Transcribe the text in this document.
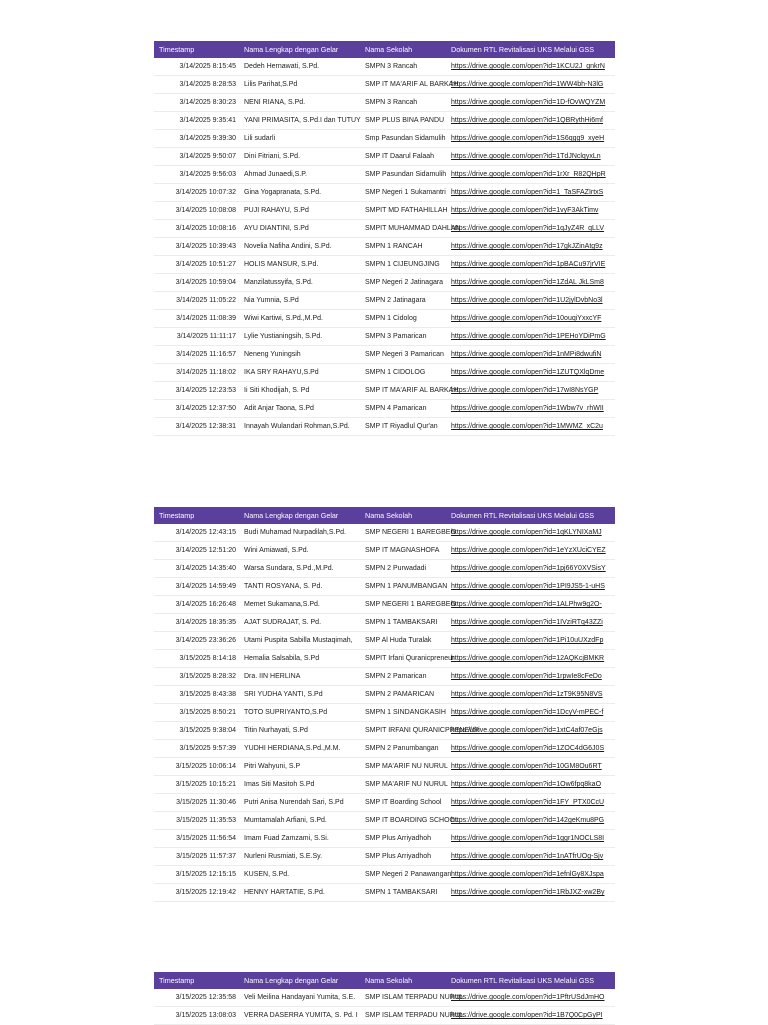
Timestamp	Nama Lengkap dengan Gelar	Nama Sekolah	Dokumen RTL Revitalisasi UKS Melalui GSS
3/14/2025 8:15:45	Dedeh Hernawati, S.Pd.	SMPN 3 Rancah	https://drive.google.com/open?id=1KCU2J_gnkrN
3/14/2025 8:28:53	Lilis Parihat,S.Pd	SMP IT MA'ARIF AL BARKAH
https://drive.google.com/open?id=1WW4bh-N3lG
3/14/2025 8:30:23	NENI RIANA, S.Pd.	SMPN 3 Rancah	https://drive.google.com/open?id=1D-fOvWQYZM
3/14/2025 9:35:41	YANI PRIMASITA, S.Pd.I dan TUTUY SMP PLUS BINA PANDU https://drive.google.com/open?id=1QBRythHi6mf
3/14/2025 9:39:30	Lili sudarli	Smp Pasundan Sidamulih https://drive.google.com/open?id=1S6qgg9_xyeH
3/14/2025 9:50:07	Dini Fitriani, S.Pd.	SMP IT Daarul Falaah	https://drive.google.com/open?id=1TdJNclqyxLn
3/14/2025 9:56:03	Ahmad Junaedi,S.P.	SMP Pasundan Sidamulih https://drive.google.com/open?id=1rXr_R82QHpR
3/14/2025 10:07:32	Gina Yogapranata, S.Pd.	SMP Negeri 1 Sukamantri https://drive.google.com/open?id=1_TaSFAZIrtxS
3/14/2025 10:08:08	PUJI RAHAYU, S.Pd	SMPIT MD FATHAHILLAH https://drive.google.com/open?id=1vyF3AkTimv
3/14/2025 10:08:16	AYU DIANTINI, S.Pd	SMPIT MUHAMMAD DAHLAN
https://drive.google.com/open?id=1qJyZ4R_qLLV
3/14/2025 10:39:43	Novelia Nafiha Andini, S.Pd.	SMPN 1 RANCAH	https://drive.google.com/open?id=17gkJZinAtg9z
3/14/2025 10:51:27	HOLIS MANSUR, S.Pd.	SMPN 1 CIJEUNGJING	https://drive.google.com/open?id=1pBACu97jrVIE
3/14/2025 10:59:04	Manzilatussyifa, S.Pd.	SMP Negeri 2 Jatinagara	https://drive.google.com/open?id=1ZdAL JkLSm8
3/14/2025 11:05:22	Nia Yumnia, S.Pd	SMPN 2 Jatinagara	https://drive.google.com/open?id=1U2jylDvbNo3l
3/14/2025 11:08:39	Wiwi Kartiwi, S.Pd.,M.Pd.	SMPN 1 Cidolog	https://drive.google.com/open?id=10ouqiYxxcYF
3/14/2025 11:11:17	Lylie Yustianingsih, S.Pd.	SMPN 3 Pamarican	https://drive.google.com/open?id=1PEHoYDiPmG
3/14/2025 11:16:57	Neneng Yuningsih	SMP Negeri 3 Pamarican	https://drive.google.com/open?id=1nMPi8dwufiN
3/14/2025 11:18:02	IKA SRY RAHAYU,S.Pd	SMPN 1 CIDOLOG	https://drive.google.com/open?id=1ZUTQXlqDme
3/14/2025 12:23:53	Ii Siti Khodijah, S. Pd	SMP IT MA'ARIF AL BARKAH
https://drive.google.com/open?id=17wI8NsYGP
3/14/2025 12:37:50	Adit Anjar Taona, S.Pd	SMPN 4 Pamarican	https://drive.google.com/open?id=1Wbw7v_rhWII
3/14/2025 12:38:31	Innayah Wulandari Rohman,S.Pd.	SMP IT Riyadlul Qur'an	https://drive.google.com/open?id=1MWMZ_xC2u
Timestamp	Nama Lengkap dengan Gelar	Nama Sekolah	Dokumen RTL Revitalisasi UKS Melalui GSS
3/14/2025 12:43:15	Budi Muhamad Nurpadilah,S.Pd.	SMP NEGERI 1 BAREGBEG
https://drive.google.com/open?id=1qKLYNIXaMJ
3/14/2025 12:51:20	Wini Amiawati, S.Pd.	SMP IT MAGNASHOFA	https://drive.google.com/open?id=1eYzXUciCYEZ
3/14/2025 14:35:40	Warsa Sundara, S.Pd.,M.Pd.	SMPN 2 Purwadadi	https://drive.google.com/open?id=1pj66Y0XVSisY
3/14/2025 14:59:49	TANTI ROSYANA, S. Pd.	SMPN 1 PANUMBANGAN https://drive.google.com/open?id=1PI9JS5-1-uHS
3/14/2025 16:26:48	Memet Sukamana,S.Pd.	SMP NEGERI 1 BAREGBEG
https://drive.google.com/open?id=1ALPhw9g2O-
3/14/2025 18:35:35	AJAT SUDRAJAT, S. Pd.	SMPN 1 TAMBAKSARI	https://drive.google.com/open?id=1IVziRTq43ZZi
3/14/2025 23:36:26	Utami Puspita Sabilla Mustaqimah,	SMP Al Huda Turalak	https://drive.google.com/open?id=1Pi10uUXzdFp
3/15/2025 8:14:18	Hemalia Salsabila, S.Pd	SMPIT Irfani Quranicpreneur
https://drive.google.com/open?id=12AQKcjBMKR
3/15/2025 8:28:32	Dra. IIN HERLINA	SMPN 2 Pamarican	https://drive.google.com/open?id=1rpwIe8cFeDo
3/15/2025 8:43:38	SRI YUDHA YANTI, S.Pd	SMPN 2 PAMARICAN	https://drive.google.com/open?id=1zT9K95N8VS
3/15/2025 8:50:21	TOTO SUPRIYANTO,S.Pd	SMPN 1 SINDANGKASIH https://drive.google.com/open?id=1DcyV-mPEC-f
3/15/2025 9:38:04	Titin Nurhayati, S.Pd	SMPIT IRFANI QURANICPRENEUR
https://drive.google.com/open?id=1xtC4af07eGjs
3/15/2025 9:57:39	YUDHI HERDIANA,S.Pd.,M.M.	SMPN 2 Panumbangan	https://drive.google.com/open?id=1ZOC4dG6J0S
3/15/2025 10:06:14	Pitri Wahyuni, S.P	SMP MA'ARIF NU NURUL https://drive.google.com/open?id=10GM8Ou6RT
3/15/2025 10:15:21	Imas Siti Masitoh S.Pd	SMP MA'ARIF NU NURUL https://drive.google.com/open?id=1Ow6fpq8kaO
3/15/2025 11:30:46	Putri Anisa Nurendah Sari, S.Pd	SMP IT Boarding School	https://drive.google.com/open?id=1FY_PTX0CcU
3/15/2025 11:35:53	Mumtamalah Arfiani, S.Pd.	SMP IT BOARDING SCHOOL
https://drive.google.com/open?id=142geKmu8PG
3/15/2025 11:56:54	Imam Fuad Zamzami, S.Si.	SMP Plus Arriyadhoh	https://drive.google.com/open?id=1ggr1NOCLS8I
3/15/2025 11:57:37	Nurleni Rusmiati, S.E.Sy.	SMP Plus Arriyadhoh	https://drive.google.com/open?id=1nATfrUOg-Sjv
3/15/2025 12:15:15	KUSEN, S.Pd.	SMP Negeri 2 Panawangan https://drive.google.com/open?id=1efnlGy8XJspa
3/15/2025 12:19:42	HENNY HARTATIE, S.Pd.	SMPN 1 TAMBAKSARI	https://drive.google.com/open?id=1RbJXZ-xw2By
Timestamp	Nama Lengkap dengan Gelar	Nama Sekolah	Dokumen RTL Revitalisasi UKS Melalui GSS
3/15/2025 12:35:58	Veli Meilina Handayani Yumita, S.E.	SMP ISLAM TERPADU NURUL
https://drive.google.com/open?id=1PftrUSdJmHO
3/15/2025 13:08:03	VERRA DASERRA YUMITA, S. Pd. I	SMP ISLAM TERPADU NURUL
https://drive.google.com/open?id=1B7Q0CpGyPI
